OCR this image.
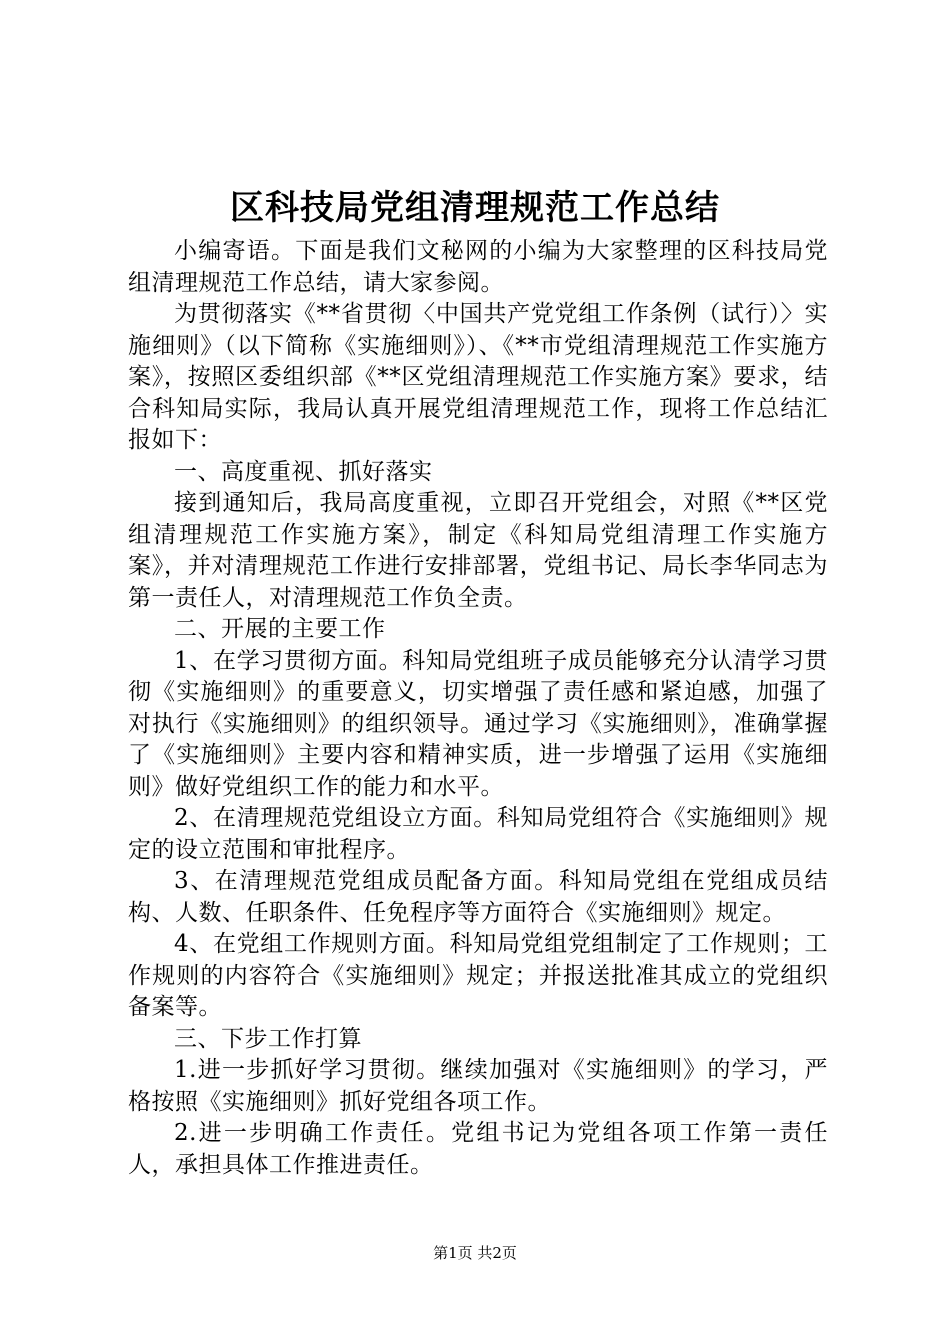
区科技局党组清理规范工作总结

小编寄语。下面是我们文秘网的小编为大家整理的区科技局党组清理规范工作总结，请大家参阅。

为贯彻落实《**省贯彻〈中国共产党党组工作条例（试行）〉实施细则》（以下简称《实施细则》）、《**市党组清理规范工作实施方案》，按照区委组织部《**区党组清理规范工作实施方案》要求，结合科知局实际，我局认真开展党组清理规范工作，现将工作总结汇报如下：

一、高度重视、抓好落实

接到通知后，我局高度重视，立即召开党组会，对照《**区党组清理规范工作实施方案》，制定《科知局党组清理工作实施方案》，并对清理规范工作进行安排部署，党组书记、局长李华同志为第一责任人，对清理规范工作负全责。

二、开展的主要工作

1、在学习贯彻方面。科知局党组班子成员能够充分认清学习贯彻《实施细则》的重要意义，切实增强了责任感和紧迫感，加强了对执行《实施细则》的组织领导。通过学习《实施细则》，准确掌握了《实施细则》主要内容和精神实质，进一步增强了运用《实施细则》做好党组织工作的能力和水平。

2、在清理规范党组设立方面。科知局党组符合《实施细则》规定的设立范围和审批程序。

3、在清理规范党组成员配备方面。科知局党组在党组成员结构、人数、任职条件、任免程序等方面符合《实施细则》规定。

4、在党组工作规则方面。科知局党组党组制定了工作规则；工作规则的内容符合《实施细则》规定；并报送批准其成立的党组织备案等。

三、下步工作打算

1.进一步抓好学习贯彻。继续加强对《实施细则》的学习，严格按照《实施细则》抓好党组各项工作。

2.进一步明确工作责任。党组书记为党组各项工作第一责任人，承担具体工作推进责任。

第1页 共2页
